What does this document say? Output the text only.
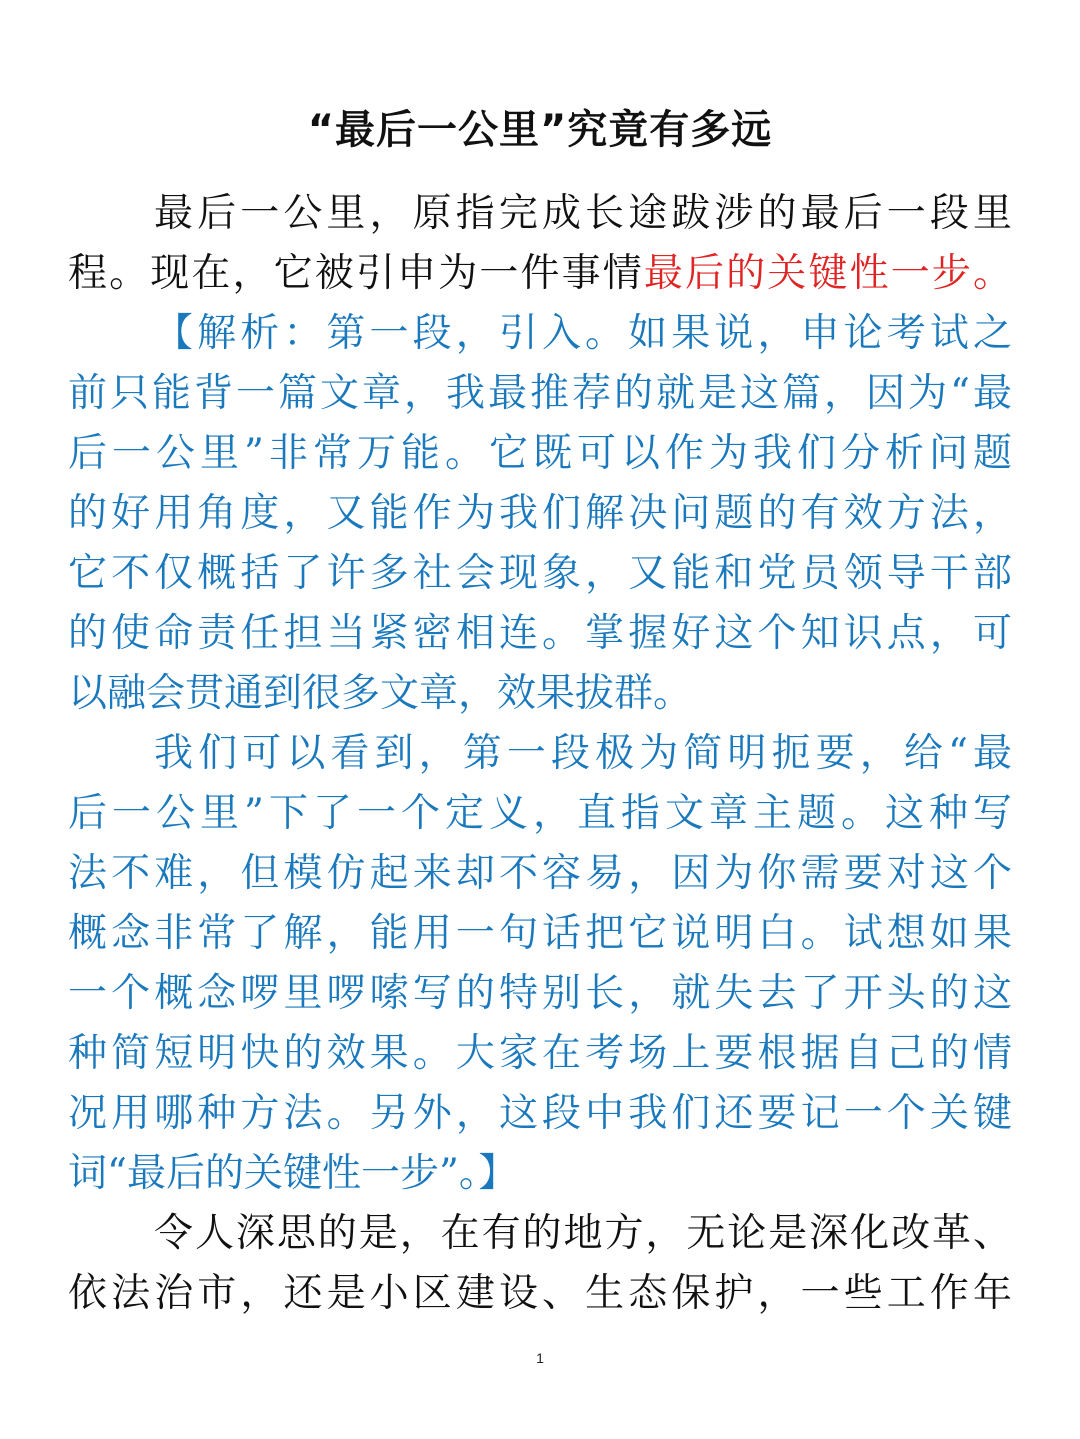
“最后一公里”究竟有多远
最后一公里，原指完成长途跋涉的最后一段里
程。现在，它被引申为一件事情最后的关键性一步。
【解析：第一段，引入。如果说，申论考试之
前只能背一篇文章，我最推荐的就是这篇，因为“最
后一公里”非常万能。它既可以作为我们分析问题
的好用角度，又能作为我们解决问题的有效方法，
它不仅概括了许多社会现象，又能和党员领导干部
的使命责任担当紧密相连。掌握好这个知识点，可
以融会贯通到很多文章，效果拔群。
我们可以看到，第一段极为简明扼要，给“最
后一公里”下了一个定义，直指文章主题。这种写
法不难，但模仿起来却不容易，因为你需要对这个
概念非常了解，能用一句话把它说明白。试想如果
一个概念啰里啰嗦写的特别长，就失去了开头的这
种简短明快的效果。大家在考场上要根据自己的情
况用哪种方法。另外，这段中我们还要记一个关键
词“最后的关键性一步”。】
令人深思的是，在有的地方，无论是深化改革、
依法治市，还是小区建设、生态保护，一些工作年
1
